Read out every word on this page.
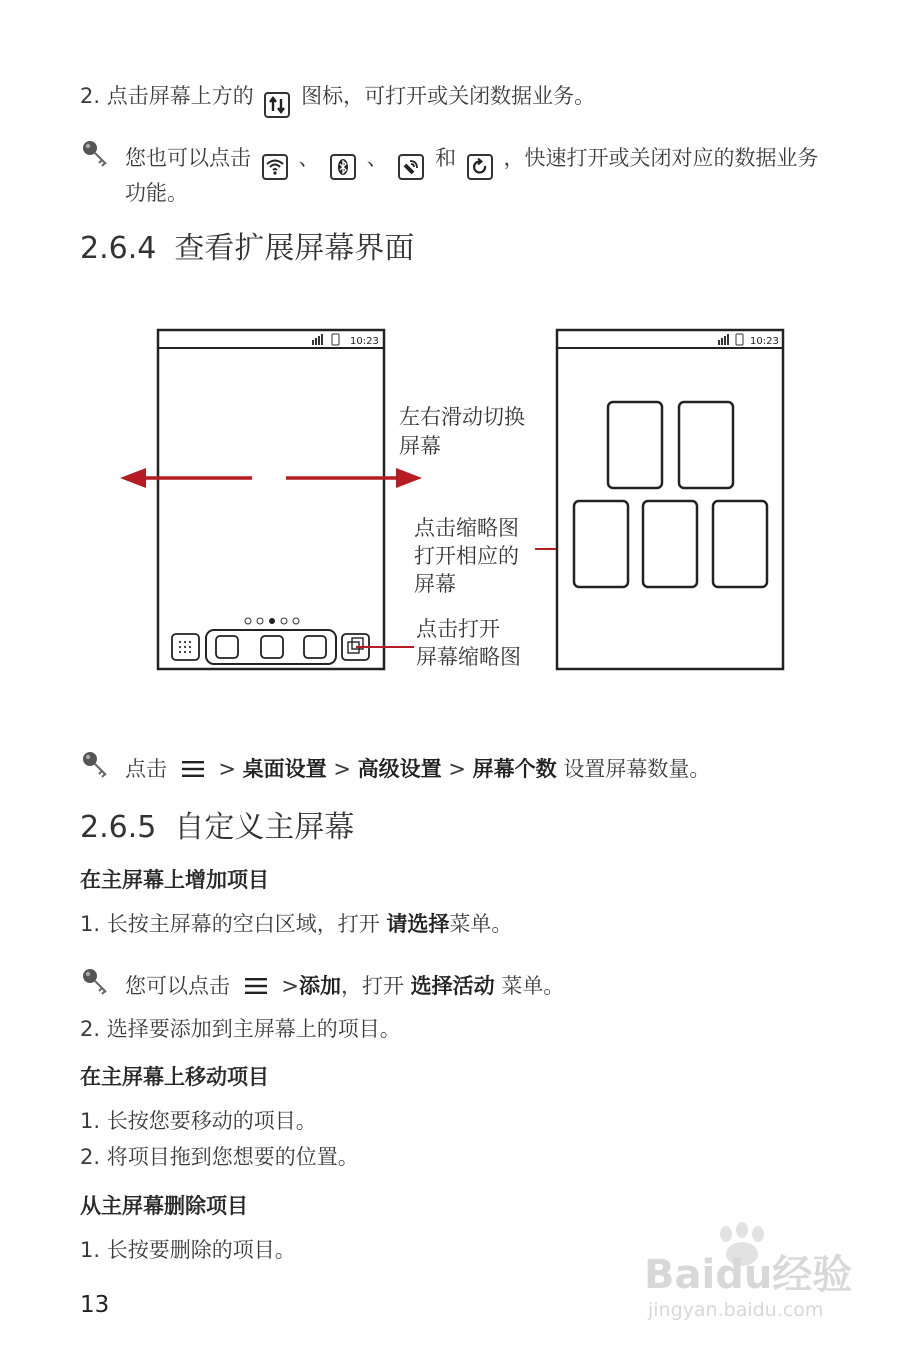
2. 点击屏幕上方的 图标，可打开或关闭数据业务。
您也可以点击 、 、 和 ，快速打开或关闭对应的数据业务
功能。
2.6.4 查看扩展屏幕界面
10:23	10:23
左右滑动切换
屏幕
点击缩略图
打开相应的
屏幕
点击打开
屏幕缩略图
点击 > 桌面设置 > 高级设置 > 屏幕个数 设置屏幕数量。
2.6.5 自定义主屏幕
在主屏幕上增加项目
1. 长按主屏幕的空白区域，打开 请选择菜单。
您可以点击 >添加，打开 选择活动 菜单。
2. 选择要添加到主屏幕上的项目。
在主屏幕上移动项目
1. 长按您要移动的项目。
2. 将项目拖到您想要的位置。
从主屏幕删除项目
1. 长按要删除的项目。
13
Baidu经验
jingyan.baidu.com
